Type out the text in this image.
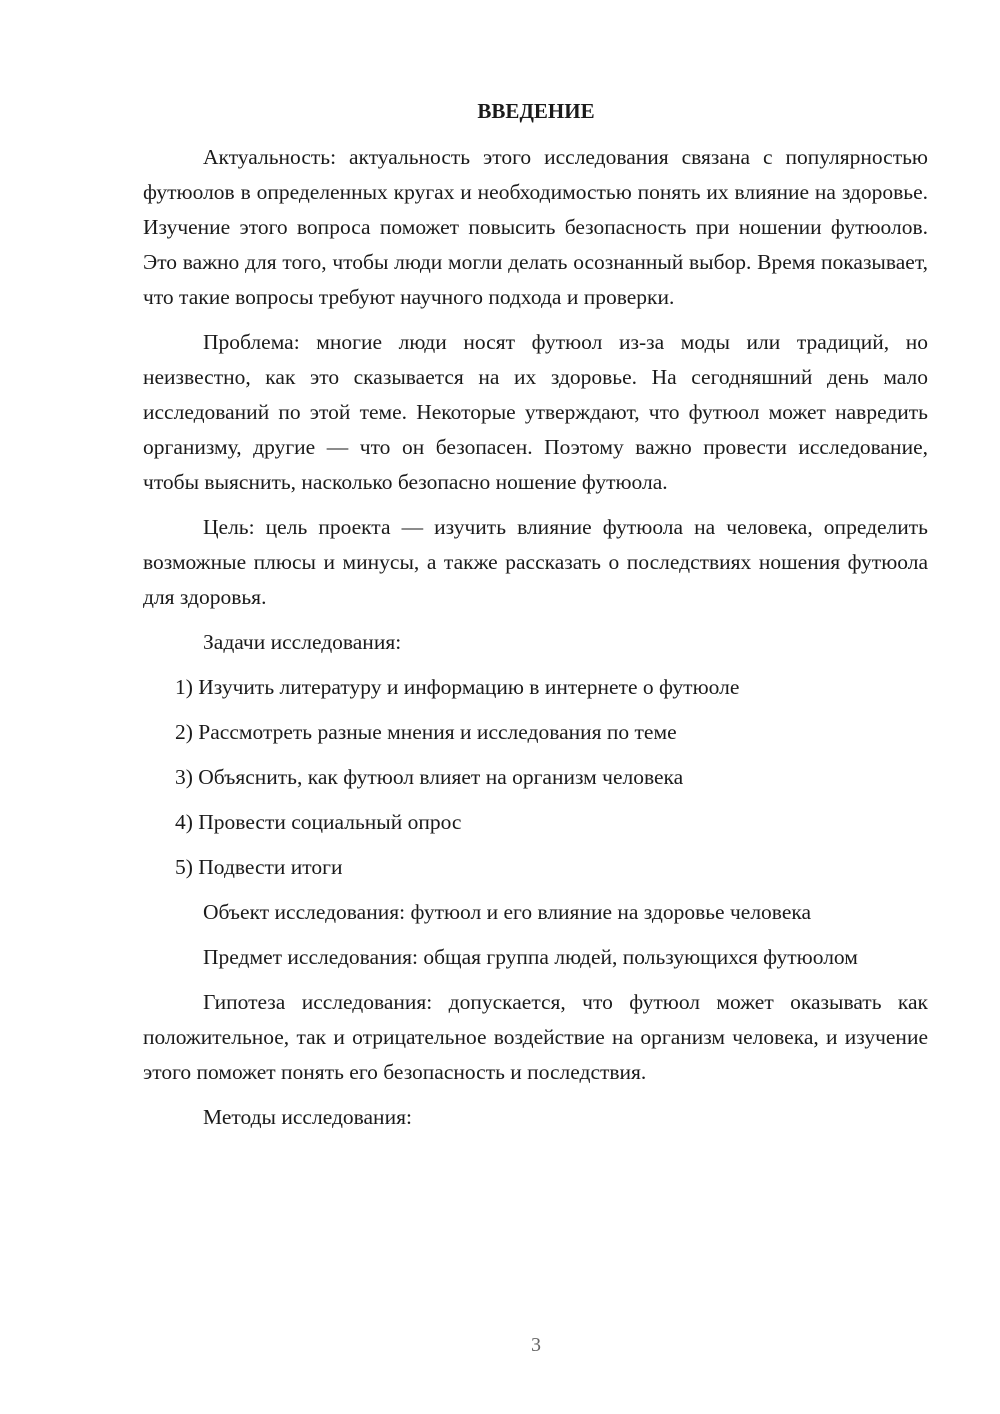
ВВЕДЕНИЕ

Актуальность: актуальность этого исследования связана с популярностью футюолов в определенных кругах и необходимостью понять их влияние на здоровье. Изучение этого вопроса поможет повысить безопасность при ношении футюолов. Это важно для того, чтобы люди могли делать осознанный выбор. Время показывает, что такие вопросы требуют научного подхода и проверки.

Проблема: многие люди носят футюол из-за моды или традиций, но неизвестно, как это сказывается на их здоровье. На сегодняшний день мало исследований по этой теме. Некоторые утверждают, что футюол может навредить организму, другие — что он безопасен. Поэтому важно провести исследование, чтобы выяснить, насколько безопасно ношение футюола.

Цель: цель проекта — изучить влияние футюола на человека, определить возможные плюсы и минусы, а также рассказать о последствиях ношения футюола для здоровья.

Задачи исследования:

1) Изучить литературу и информацию в интернете о футюоле

2) Рассмотреть разные мнения и исследования по теме

3) Объяснить, как футюол влияет на организм человека

4) Провести социальный опрос

5) Подвести итоги

Объект исследования: футюол и его влияние на здоровье человека

Предмет исследования: общая группа людей, пользующихся футюолом

Гипотеза исследования: допускается, что футюол может оказывать как положительное, так и отрицательное воздействие на организм человека, и изучение этого поможет понять его безопасность и последствия.

Методы исследования:

3
